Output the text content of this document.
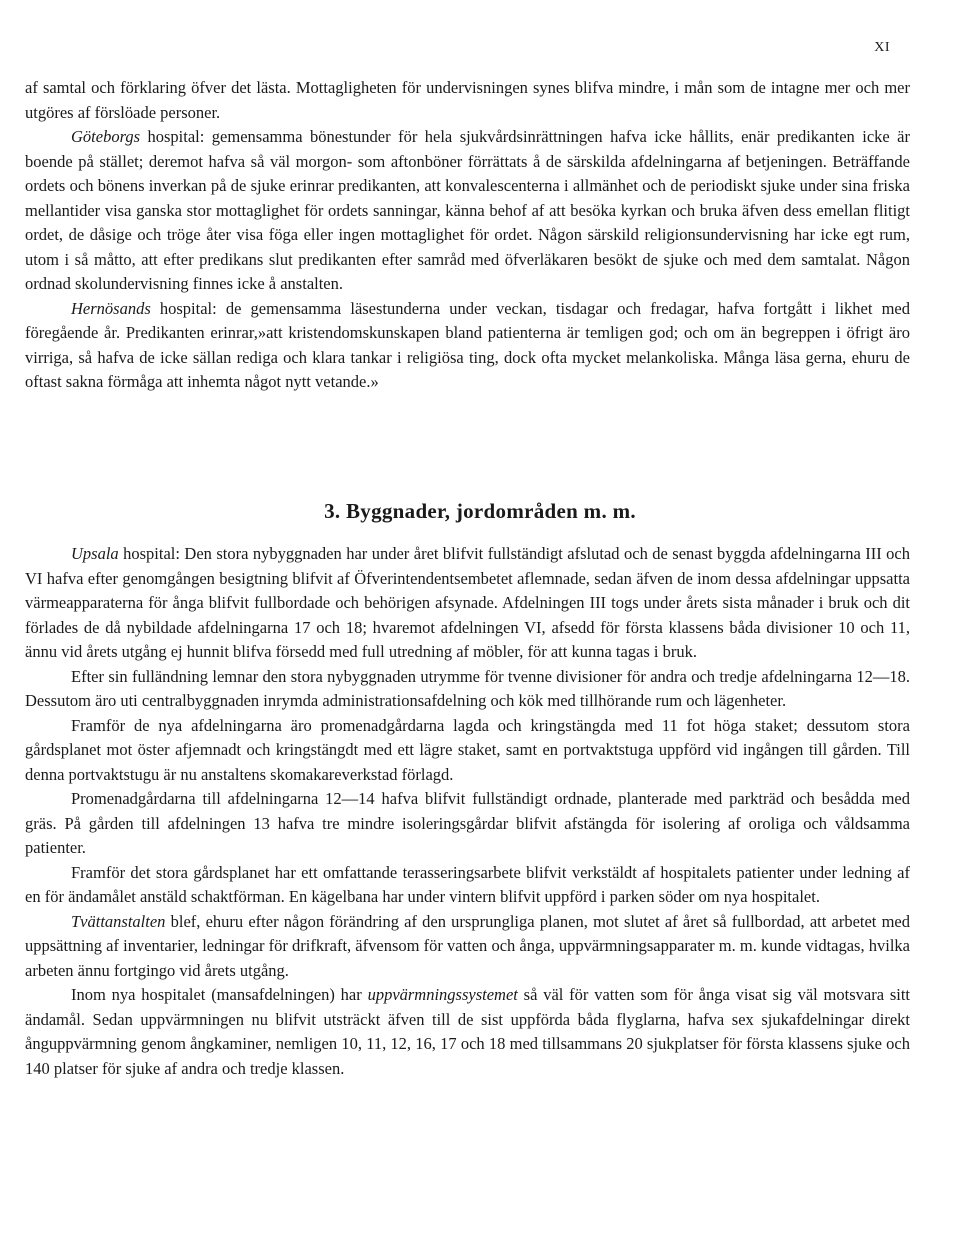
XI

af samtal och förklaring öfver det lästa. Mottagligheten för undervisningen synes blifva mindre, i mån som de intagne mer och mer utgöres af förslöade personer.

Göteborgs hospital: gemensamma bönestunder för hela sjukvårdsinrättningen hafva icke hållits, enär predikanten icke är boende på stället; deremot hafva så väl morgon- som aftonböner förrättats å de särskilda afdelningarna af betjeningen. Beträffande ordets och bönens inverkan på de sjuke erinrar predikanten, att konvalescenterna i allmänhet och de periodiskt sjuke under sina friska mellantider visa ganska stor mottaglighet för ordets sanningar, känna behof af att besöka kyrkan och bruka äfven dess emellan flitigt ordet, de dåsige och tröge åter visa föga eller ingen mottaglighet för ordet. Någon särskild religionsundervisning har icke egt rum, utom i så måtto, att efter predikans slut predikanten efter samråd med öfverläkaren besökt de sjuke och med dem samtalat. Någon ordnad skolundervisning finnes icke å anstalten.

Hernösands hospital: de gemensamma läsestunderna under veckan, tisdagar och fredagar, hafva fortgått i likhet med föregående år. Predikanten erinrar,»att kristendomskunskapen bland patienterna är temligen god; och om än begreppen i öfrigt äro virriga, så hafva de icke sällan rediga och klara tankar i religiösa ting, dock ofta mycket melankoliska. Många läsa gerna, ehuru de oftast sakna förmåga att inhemta något nytt vetande.»

3. Byggnader, jordområden m. m.

Upsala hospital: Den stora nybyggnaden har under året blifvit fullständigt afslutad och de senast byggda afdelningarna III och VI hafva efter genomgången besigtning blifvit af Öfverintendentsembetet aflemnade, sedan äfven de inom dessa afdelningar uppsatta värmeapparaterna för ånga blifvit fullbordade och behörigen afsynade. Afdelningen III togs under årets sista månader i bruk och dit förlades de då nybildade afdelningarna 17 och 18; hvaremot afdelningen VI, afsedd för första klassens båda divisioner 10 och 11, ännu vid årets utgång ej hunnit blifva försedd med full utredning af möbler, för att kunna tagas i bruk.

Efter sin fulländning lemnar den stora nybyggnaden utrymme för tvenne divisioner för andra och tredje afdelningarna 12—18. Dessutom äro uti centralbyggnaden inrymda administrationsafdelning och kök med tillhörande rum och lägenheter.

Framför de nya afdelningarna äro promenadgårdarna lagda och kringstängda med 11 fot höga staket; dessutom stora gårdsplanet mot öster afjemnadt och kringstängdt med ett lägre staket, samt en portvaktstuga uppförd vid ingången till gården. Till denna portvaktstugu är nu anstaltens skomakareverkstad förlagd.

Promenadgårdarna till afdelningarna 12—14 hafva blifvit fullständigt ordnade, planterade med parkträd och besådda med gräs. På gården till afdelningen 13 hafva tre mindre isoleringsgårdar blifvit afstängda för isolering af oroliga och våldsamma patienter.

Framför det stora gårdsplanet har ett omfattande terasseringsarbete blifvit verkstäldt af hospitalets patienter under ledning af en för ändamålet anstäld schaktförman. En kägelbana har under vintern blifvit uppförd i parken söder om nya hospitalet.

Tvättanstalten blef, ehuru efter någon förändring af den ursprungliga planen, mot slutet af året så fullbordad, att arbetet med uppsättning af inventarier, ledningar för drifkraft, äfvensom för vatten och ånga, uppvärmningsapparater m. m. kunde vidtagas, hvilka arbeten ännu fortgingo vid årets utgång.

Inom nya hospitalet (mansafdelningen) har uppvärmningssystemet så väl för vatten som för ånga visat sig väl motsvara sitt ändamål. Sedan uppvärmningen nu blifvit utsträckt äfven till de sist uppförda båda flyglarna, hafva sex sjukafdelningar direkt ånguppvärmning genom ångkaminer, nemligen 10, 11, 12, 16, 17 och 18 med tillsammans 20 sjukplatser för första klassens sjuke och 140 platser för sjuke af andra och tredje klassen.
